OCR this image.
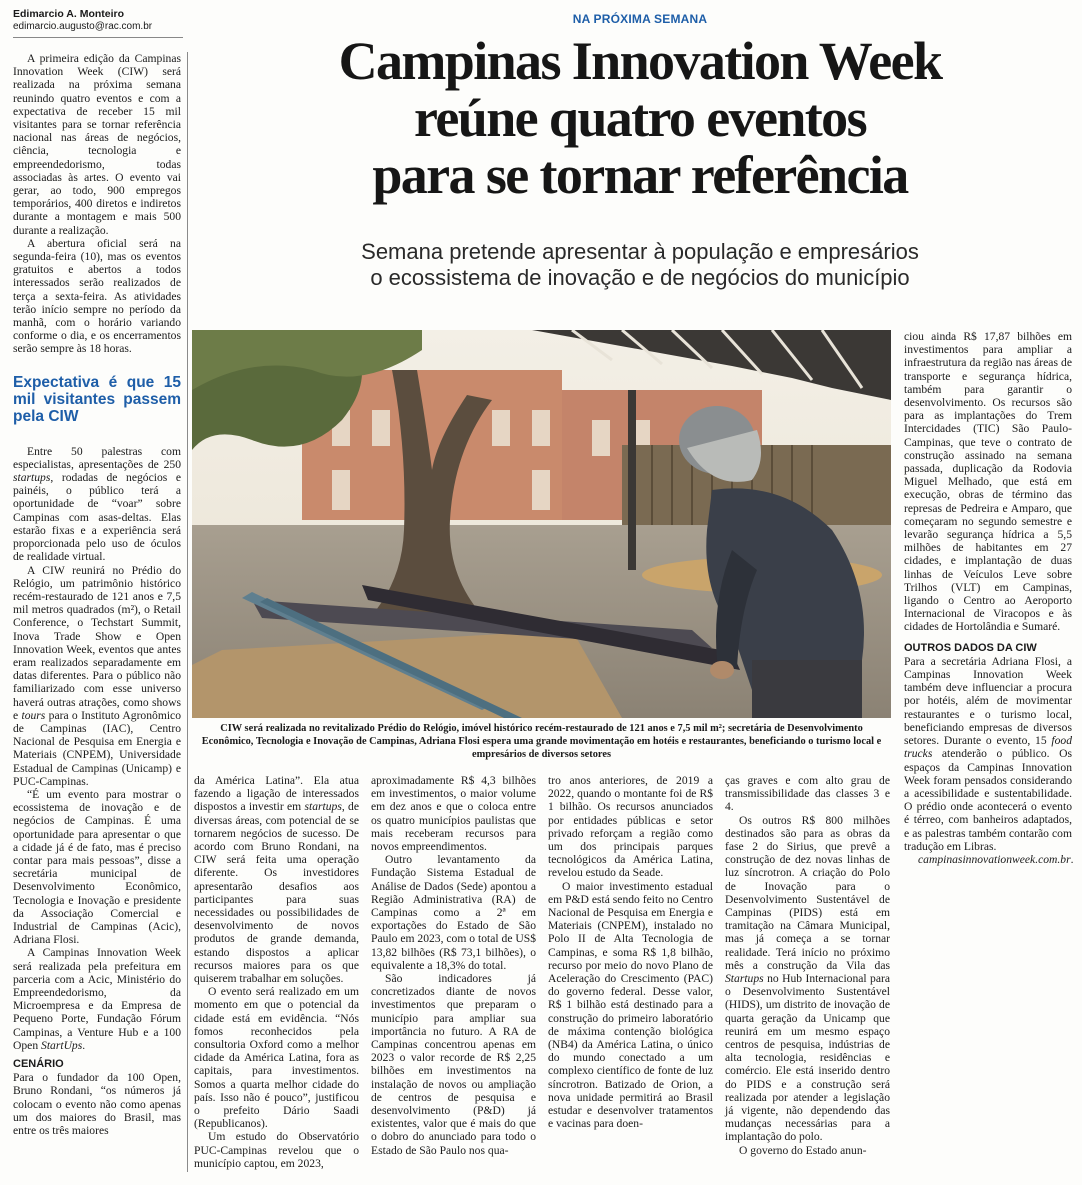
Edimarcio A. Monteiro
edimarcio.augusto@rac.com.br
NA PRÓXIMA SEMANA
Campinas Innovation Week
reúne quatro eventos
para se tornar referência
Semana pretende apresentar à população e empresários
o ecossistema de inovação e de negócios do município
CIW será realizada no revitalizado Prédio do Relógio, imóvel histórico recém-restaurado de 121 anos e 7,5 mil m²; secretária de Desenvolvimento Econômico, Tecnologia e Inovação de Campinas, Adriana Flosi espera uma grande movimentação em hotéis e restaurantes, beneficiando o turismo local e empresários de diversos setores

A primeira edição da Campinas Innovation Week (CIW) será realizada na próxima semana reunindo quatro eventos e com a expectativa de receber 15 mil visitantes para se tornar referência nacional nas áreas de negócios, ciência, tecnologia e empreendedorismo, todas associadas às artes. O evento vai gerar, ao todo, 900 empregos temporários, 400 diretos e indiretos durante a montagem e mais 500 durante a realização.

A abertura oficial será na segunda-feira (10), mas os eventos gratuitos e abertos a todos interessados serão realizados de terça a sexta-feira. As atividades terão início sempre no período da manhã, com o horário variando conforme o dia, e os encerramentos serão sempre às 18 horas.

Expectativa é que 15 mil visitantes passem pela CIW

Entre 50 palestras com especialistas, apresentações de 250 startups, rodadas de negócios e painéis, o público terá a oportunidade de “voar” sobre Campinas com asas-deltas. Elas estarão fixas e a experiência será proporcionada pelo uso de óculos de realidade virtual.

A CIW reunirá no Prédio do Relógio, um patrimônio histórico recém-restaurado de 121 anos e 7,5 mil metros quadrados (m²), o Retail Conference, o Techstart Summit, Inova Trade Show e Open Innovation Week, eventos que antes eram realizados separadamente em datas diferentes. Para o público não familiarizado com esse universo haverá outras atrações, como shows e tours para o Instituto Agronômico de Campinas (IAC), Centro Nacional de Pesquisa em Energia e Materiais (CNPEM), Universidade Estadual de Campinas (Unicamp) e PUC-Campinas.

“É um evento para mostrar o ecossistema de inovação e de negócios de Campinas. É uma oportunidade para apresentar o que a cidade já é de fato, mas é preciso contar para mais pessoas”, disse a secretária municipal de Desenvolvimento Econômico, Tecnologia e Inovação e presidente da Associação Comercial e Industrial de Campinas (Acic), Adriana Flosi.

A Campinas Innovation Week será realizada pela prefeitura em parceria com a Acic, Ministério do Empreendedorismo, da Microempresa e da Empresa de Pequeno Porte, Fundação Fórum Campinas, a Venture Hub e a 100 Open StartUps.

CENÁRIO

Para o fundador da 100 Open, Bruno Rondani, “os números já colocam o evento não como apenas um dos maiores do Brasil, mas entre os três maiores

da América Latina”. Ela atua fazendo a ligação de interessados dispostos a investir em startups, de diversas áreas, com potencial de se tornarem negócios de sucesso. De acordo com Bruno Rondani, na CIW será feita uma operação diferente. Os investidores apresentarão desafios aos participantes para suas necessidades ou possibilidades de desenvolvimento de novos produtos de grande demanda, estando dispostos a aplicar recursos maiores para os que quiserem trabalhar em soluções.

O evento será realizado em um momento em que o potencial da cidade está em evidência. “Nós fomos reconhecidos pela consultoria Oxford como a melhor cidade da América Latina, fora as capitais, para investimentos. Somos a quarta melhor cidade do país. Isso não é pouco”, justificou o prefeito Dário Saadi (Republicanos).

Um estudo do Observatório PUC-Campinas revelou que o município captou, em 2023,

aproximadamente R$ 4,3 bilhões em investimentos, o maior volume em dez anos e que o coloca entre os quatro municípios paulistas que mais receberam recursos para novos empreendimentos.

Outro levantamento da Fundação Sistema Estadual de Análise de Dados (Sede) apontou a Região Administrativa (RA) de Campinas como a 2ª em exportações do Estado de São Paulo em 2023, com o total de US$ 13,82 bilhões (R$ 73,1 bilhões), o equivalente a 18,3% do total.

São indicadores já concretizados diante de novos investimentos que preparam o município para ampliar sua importância no futuro. A RA de Campinas concentrou apenas em 2023 o valor recorde de R$ 2,25 bilhões em investimentos na instalação de novos ou ampliação de centros de pesquisa e desenvolvimento (P&D) já existentes, valor que é mais do que o dobro do anunciado para todo o Estado de São Paulo nos qua-

tro anos anteriores, de 2019 a 2022, quando o montante foi de R$ 1 bilhão. Os recursos anunciados por entidades públicas e setor privado reforçam a região como um dos principais parques tecnológicos da América Latina, revelou estudo da Seade.

O maior investimento estadual em P&D está sendo feito no Centro Nacional de Pesquisa em Energia e Materiais (CNPEM), instalado no Polo II de Alta Tecnologia de Campinas, e soma R$ 1,8 bilhão, recurso por meio do novo Plano de Aceleração do Crescimento (PAC) do governo federal. Desse valor, R$ 1 bilhão está destinado para a construção do primeiro laboratório de máxima contenção biológica (NB4) da América Latina, o único do mundo conectado a um complexo científico de fonte de luz síncrotron. Batizado de Orion, a nova unidade permitirá ao Brasil estudar e desenvolver tratamentos e vacinas para doen-

ças graves e com alto grau de transmissibilidade das classes 3 e 4.

Os outros R$ 800 milhões destinados são para as obras da fase 2 do Sirius, que prevê a construção de dez novas linhas de luz síncrotron. A criação do Polo de Inovação para o Desenvolvimento Sustentável de Campinas (PIDS) está em tramitação na Câmara Municipal, mas já começa a se tornar realidade. Terá início no próximo mês a construção da Vila das Startups no Hub Internacional para o Desenvolvimento Sustentável (HIDS), um distrito de inovação de quarta geração da Unicamp que reunirá em um mesmo espaço centros de pesquisa, indústrias de alta tecnologia, residências e comércio. Ele está inserido dentro do PIDS e a construção será realizada por atender a legislação já vigente, não dependendo das mudanças necessárias para a implantação do polo.

O governo do Estado anun-

ciou ainda R$ 17,87 bilhões em investimentos para ampliar a infraestrutura da região nas áreas de transporte e segurança hídrica, também para garantir o desenvolvimento. Os recursos são para as implantações do Trem Intercidades (TIC) São Paulo-Campinas, que teve o contrato de construção assinado na semana passada, duplicação da Rodovia Miguel Melhado, que está em execução, obras de término das represas de Pedreira e Amparo, que começaram no segundo semestre e levarão segurança hídrica a 5,5 milhões de habitantes em 27 cidades, e implantação de duas linhas de Veículos Leve sobre Trilhos (VLT) em Campinas, ligando o Centro ao Aeroporto Internacional de Viracopos e às cidades de Hortolândia e Sumaré.

OUTROS DADOS DA CIW

Para a secretária Adriana Flosi, a Campinas Innovation Week também deve influenciar a procura por hotéis, além de movimentar restaurantes e o turismo local, beneficiando empresas de diversos setores. Durante o evento, 15 food trucks atenderão o público. Os espaços da Campinas Innovation Week foram pensados considerando a acessibilidade e sustentabilidade. O prédio onde acontecerá o evento é térreo, com banheiros adaptados, e as palestras também contarão com tradução em Libras.

campinasinnovationweek.com.br.
